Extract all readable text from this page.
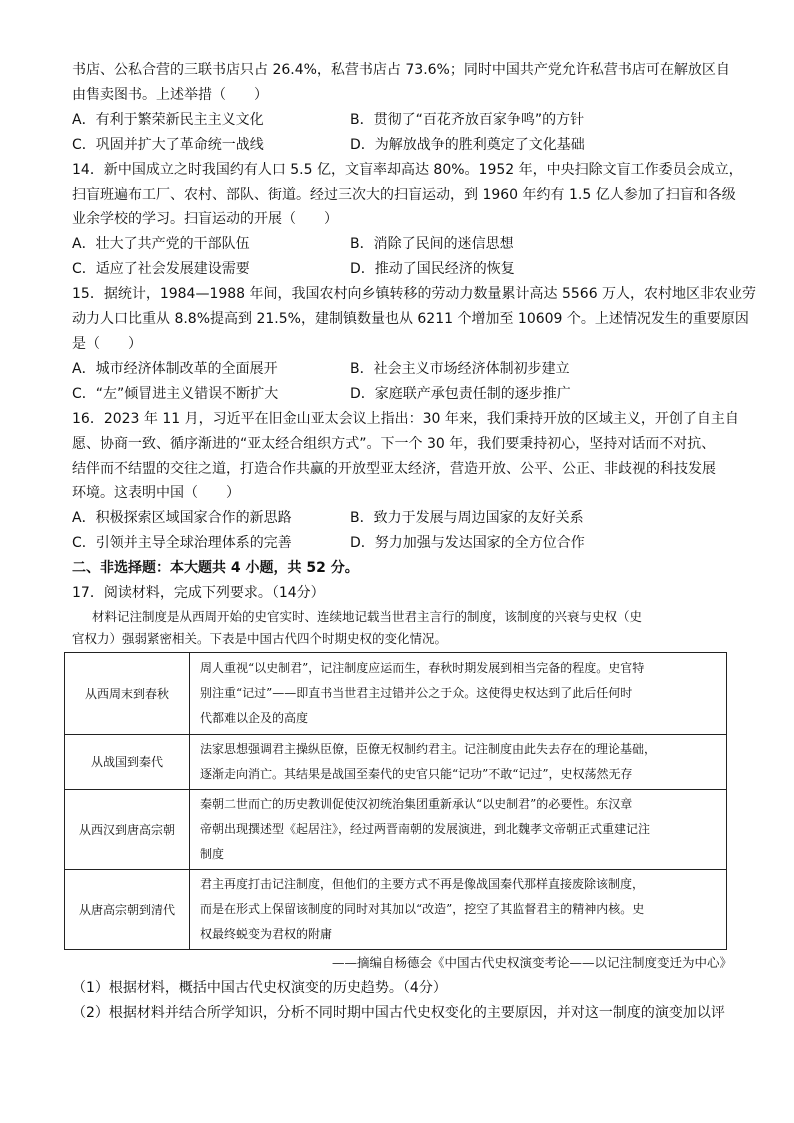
书店、公私合营的三联书店只占 26.4%，私营书店占 73.6%；同时中国共产党允许私营书店可在解放区自
由售卖图书。上述举措（　　）
A．有利于繁荣新民主主义文化	B．贯彻了“百花齐放百家争鸣”的方针
C．巩固并扩大了革命统一战线	D．为解放战争的胜利奠定了文化基础
14．新中国成立之时我国约有人口 5.5 亿，文盲率却高达 80%。1952 年，中央扫除文盲工作委员会成立，
扫盲班遍布工厂、农村、部队、街道。经过三次大的扫盲运动，到 1960 年约有 1.5 亿人参加了扫盲和各级
业余学校的学习。扫盲运动的开展（　　）
A．壮大了共产党的干部队伍	B．消除了民间的迷信思想
C．适应了社会发展建设需要	D．推动了国民经济的恢复
15．据统计，1984—1988 年间，我国农村向乡镇转移的劳动力数量累计高达 5566 万人，农村地区非农业劳
动力人口比重从 8.8%提高到 21.5%，建制镇数量也从 6211 个增加至 10609 个。上述情况发生的重要原因
是（　　）
A．城市经济体制改革的全面展开	B．社会主义市场经济体制初步建立
C．“左”倾冒进主义错误不断扩大	D．家庭联产承包责任制的逐步推广
16．2023 年 11 月，习近平在旧金山亚太会议上指出：30 年来，我们秉持开放的区域主义，开创了自主自
愿、协商一致、循序渐进的“亚太经合组织方式”。下一个 30 年，我们要秉持初心，坚持对话而不对抗、
结伴而不结盟的交往之道，打造合作共赢的开放型亚太经济，营造开放、公平、公正、非歧视的科技发展
环境。这表明中国（　　）
A．积极探索区域国家合作的新思路	B．致力于发展与周边国家的友好关系
C．引领并主导全球治理体系的完善	D．努力加强与发达国家的全方位合作
二、非选择题：本大题共 4 小题，共 52 分。
17．阅读材料，完成下列要求。（14分）
材料记注制度是从西周开始的史官实时、连续地记载当世君主言行的制度，该制度的兴衰与史权（史
官权力）强弱紧密相关。下表是中国古代四个时期史权的变化情况。
从西周末到春秋	周人重视“以史制君”，记注制度应运而生，春秋时期发展到相当完备的程度。史官特
别注重“记过”——即直书当世君主过错并公之于众。这使得史权达到了此后任何时
代都难以企及的高度

从战国到秦代	法家思想强调君主操纵臣僚，臣僚无权制约君主。记注制度由此失去存在的理论基础，
逐渐走向消亡。其结果是战国至秦代的史官只能“记功”不敢“记过”，史权荡然无存

从西汉到唐高宗朝	秦朝二世而亡的历史教训促使汉初统治集团重新承认“以史制君”的必要性。东汉章
帝朝出现撰述型《起居注》，经过两晋南朝的发展演进，到北魏孝文帝朝正式重建记注
制度

从唐高宗朝到清代	君主再度打击记注制度，但他们的主要方式不再是像战国秦代那样直接废除该制度，
而是在形式上保留该制度的同时对其加以“改造”，挖空了其监督君主的精神内核。史
权最终蜕变为君权的附庸
——摘编自杨德会《中国古代史权演变考论——以记注制度变迁为中心》
（1）根据材料，概括中国古代史权演变的历史趋势。（4分）
（2）根据材料并结合所学知识，分析不同时期中国古代史权变化的主要原因，并对这一制度的演变加以评
